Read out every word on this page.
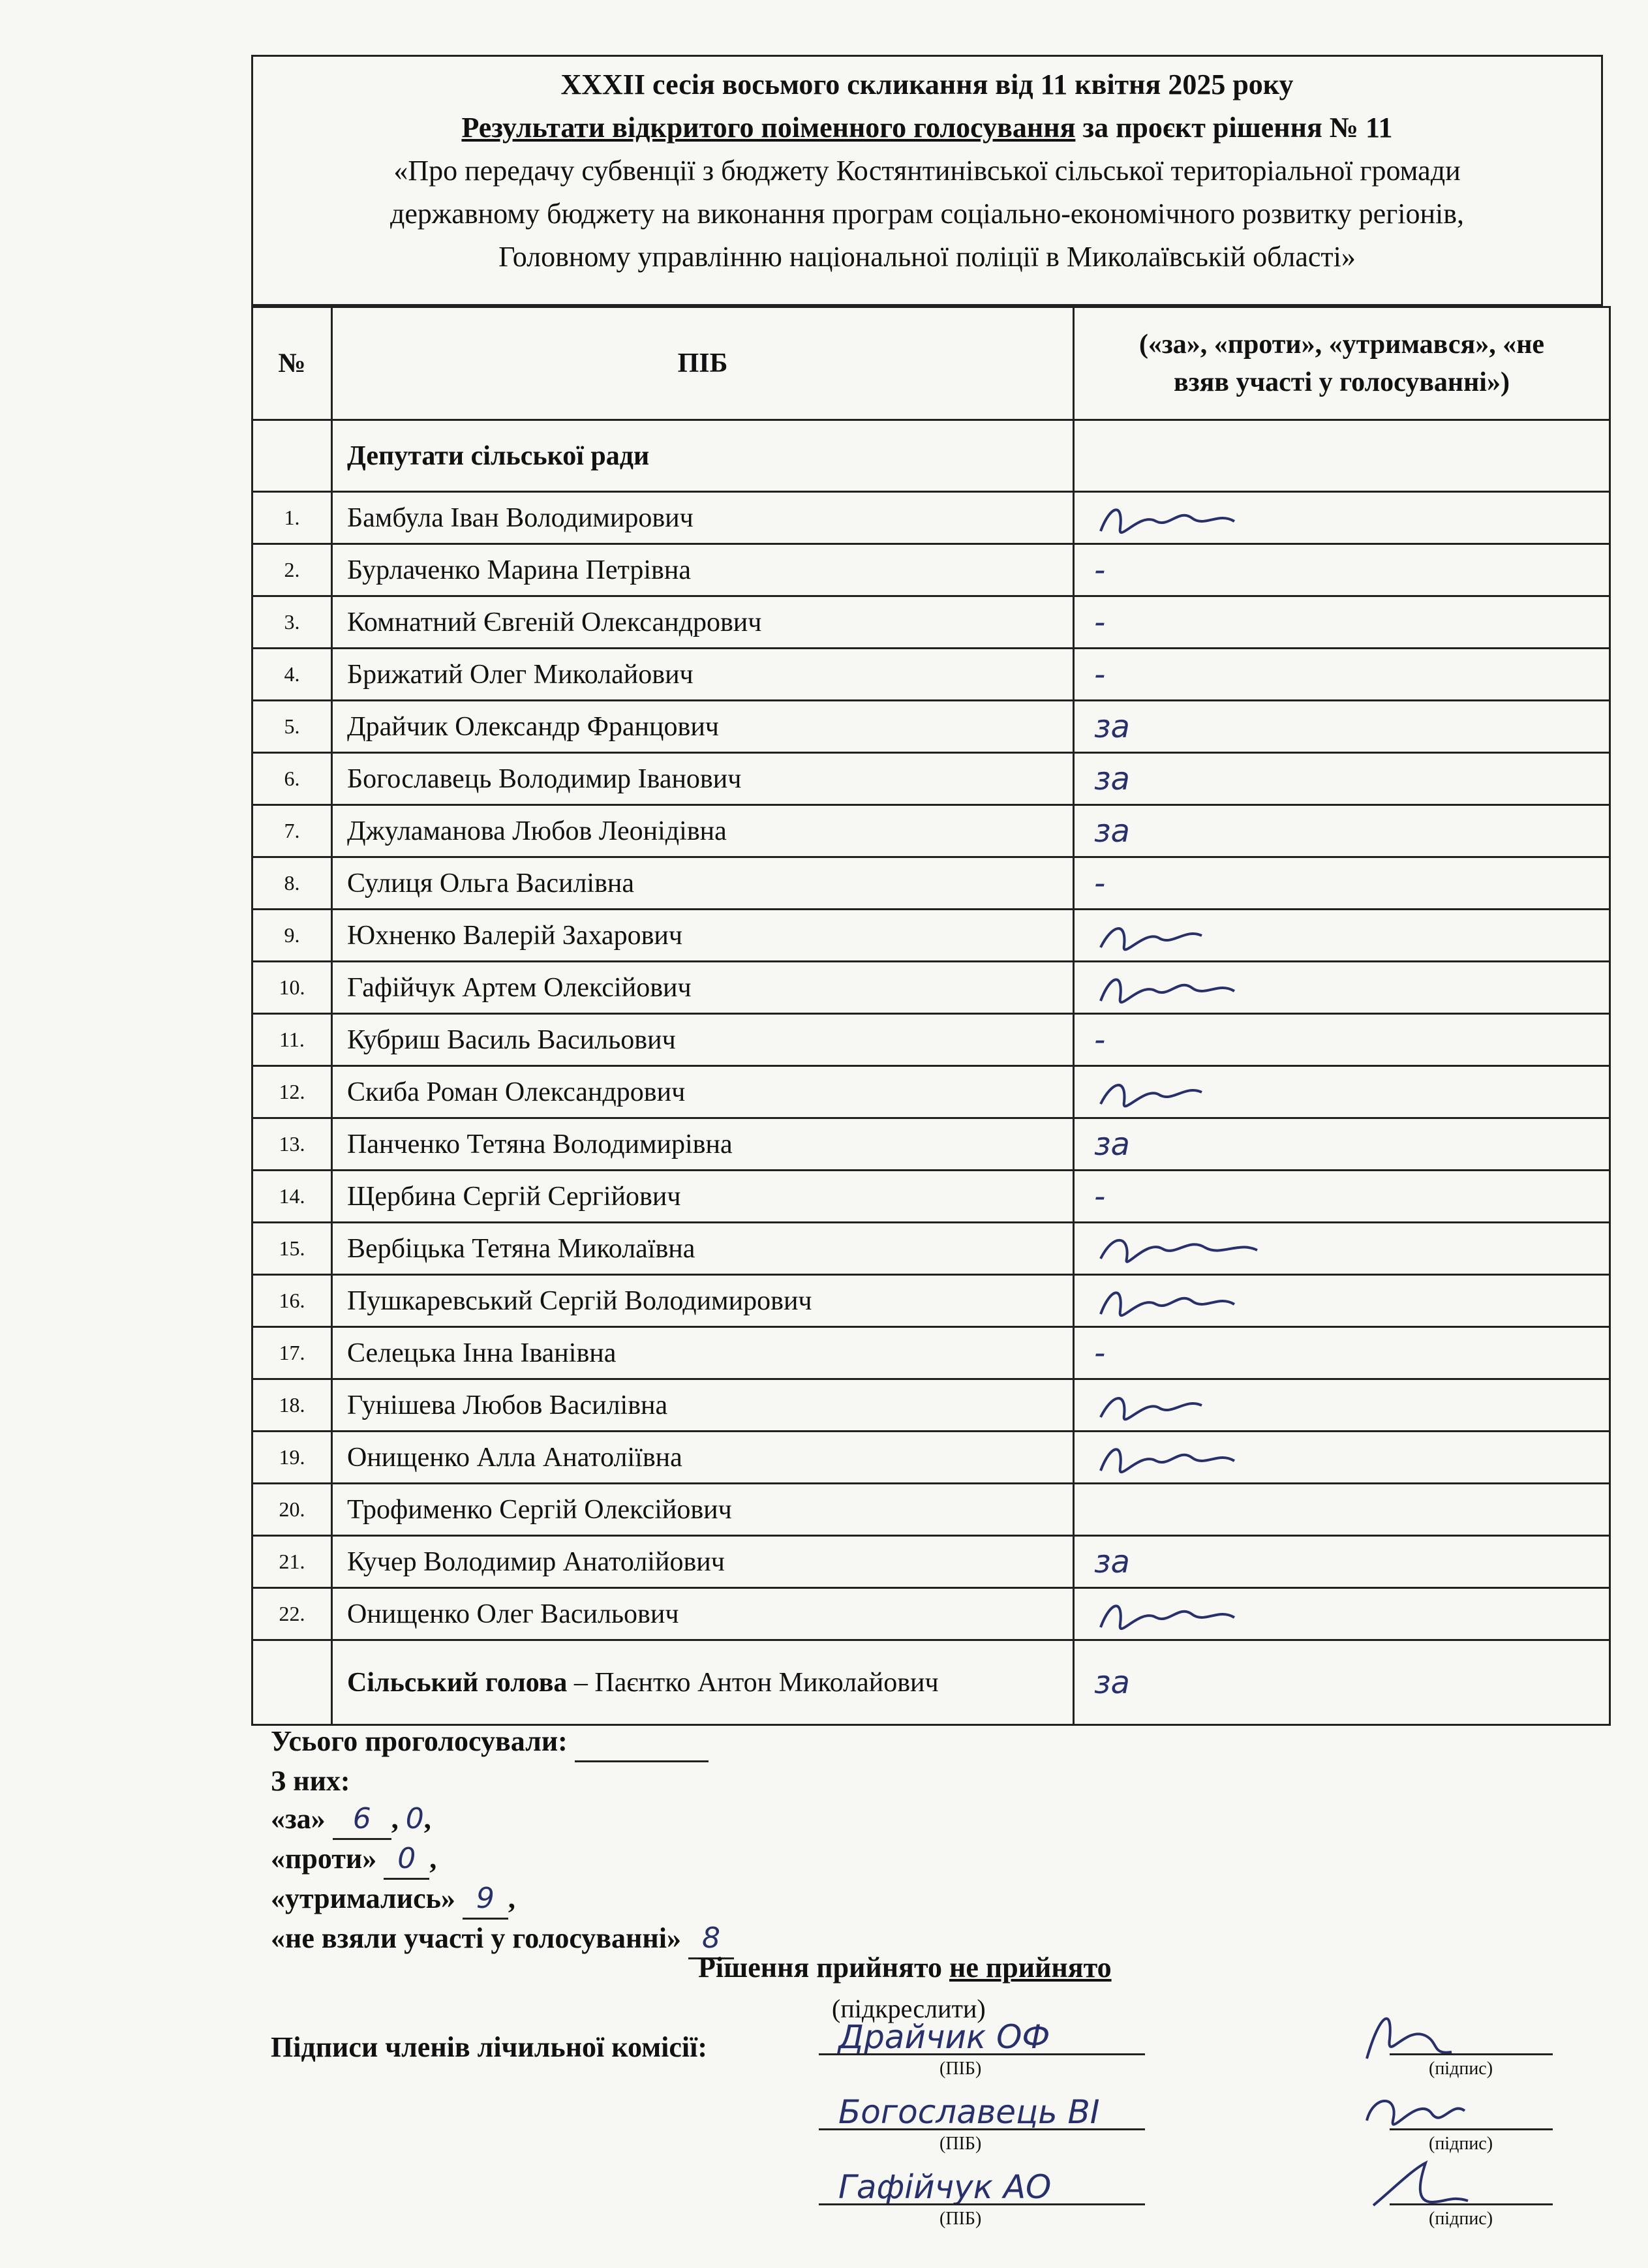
XXXII сесія восьмого скликання від 11 квітня 2025 року
Результати відкритого поіменного голосування за проєкт рішення № 11
«Про передачу субвенції з бюджету Костянтинівської сільської територіальної громади
державному бюджету на виконання програм соціально-економічного розвитку регіонів,
Головному управлінню національної поліції в Миколаївській області»
№	ПІБ	(«за», «проти», «утримався», «не
взяв участі у голосуванні»)

	Депутати сільської ради	
1.	Бамбула Іван Володимирович	

2.	Бурлаченко Марина Петрівна	-

3.	Комнатний Євгеній Олександрович	-

4.	Брижатий Олег Миколайович	-

5.	Драйчик Олександр Францович	за

6.	Богославець Володимир Іванович	за

7.	Джуламанова Любов Леонідівна	за

8.	Сулиця Ольга Василівна	-

9.	Юхненко Валерій Захарович	

10.	Гафійчук Артем Олексійович	

11.	Кубриш Василь Васильович	-

12.	Скиба Роман Олександрович	

13.	Панченко Тетяна Володимирівна	за

14.	Щербина Сергій Сергійович	-

15.	Вербіцька Тетяна Миколаївна	

16.	Пушкаревський Сергій Володимирович	

17.	Селецька Інна Іванівна	-

18.	Гунішева Любов Василівна	

19.	Онищенко Алла Анатоліївна	

20.	Трофименко Сергій Олексійович	
21.	Кучер Володимир Анатолійович	за

22.	Онищенко Олег Васильович	

	Сільський голова – Паєнтко Антон Миколайович	за
Усього проголосували:
З них:
«за» 6 , 0,
«проти» 0 ,
«утримались» 9 ,
«не взяли участі у голосуванні» 8
Рішення прийнято не прийнято
(підкреслити)
Підписи членів лічильної комісії:	Драйчик ОФ
(ПІБ)	(підпис)
Богославець ВІ
(ПІБ)	(підпис)
Гафійчук АО
(ПІБ)	(підпис)
